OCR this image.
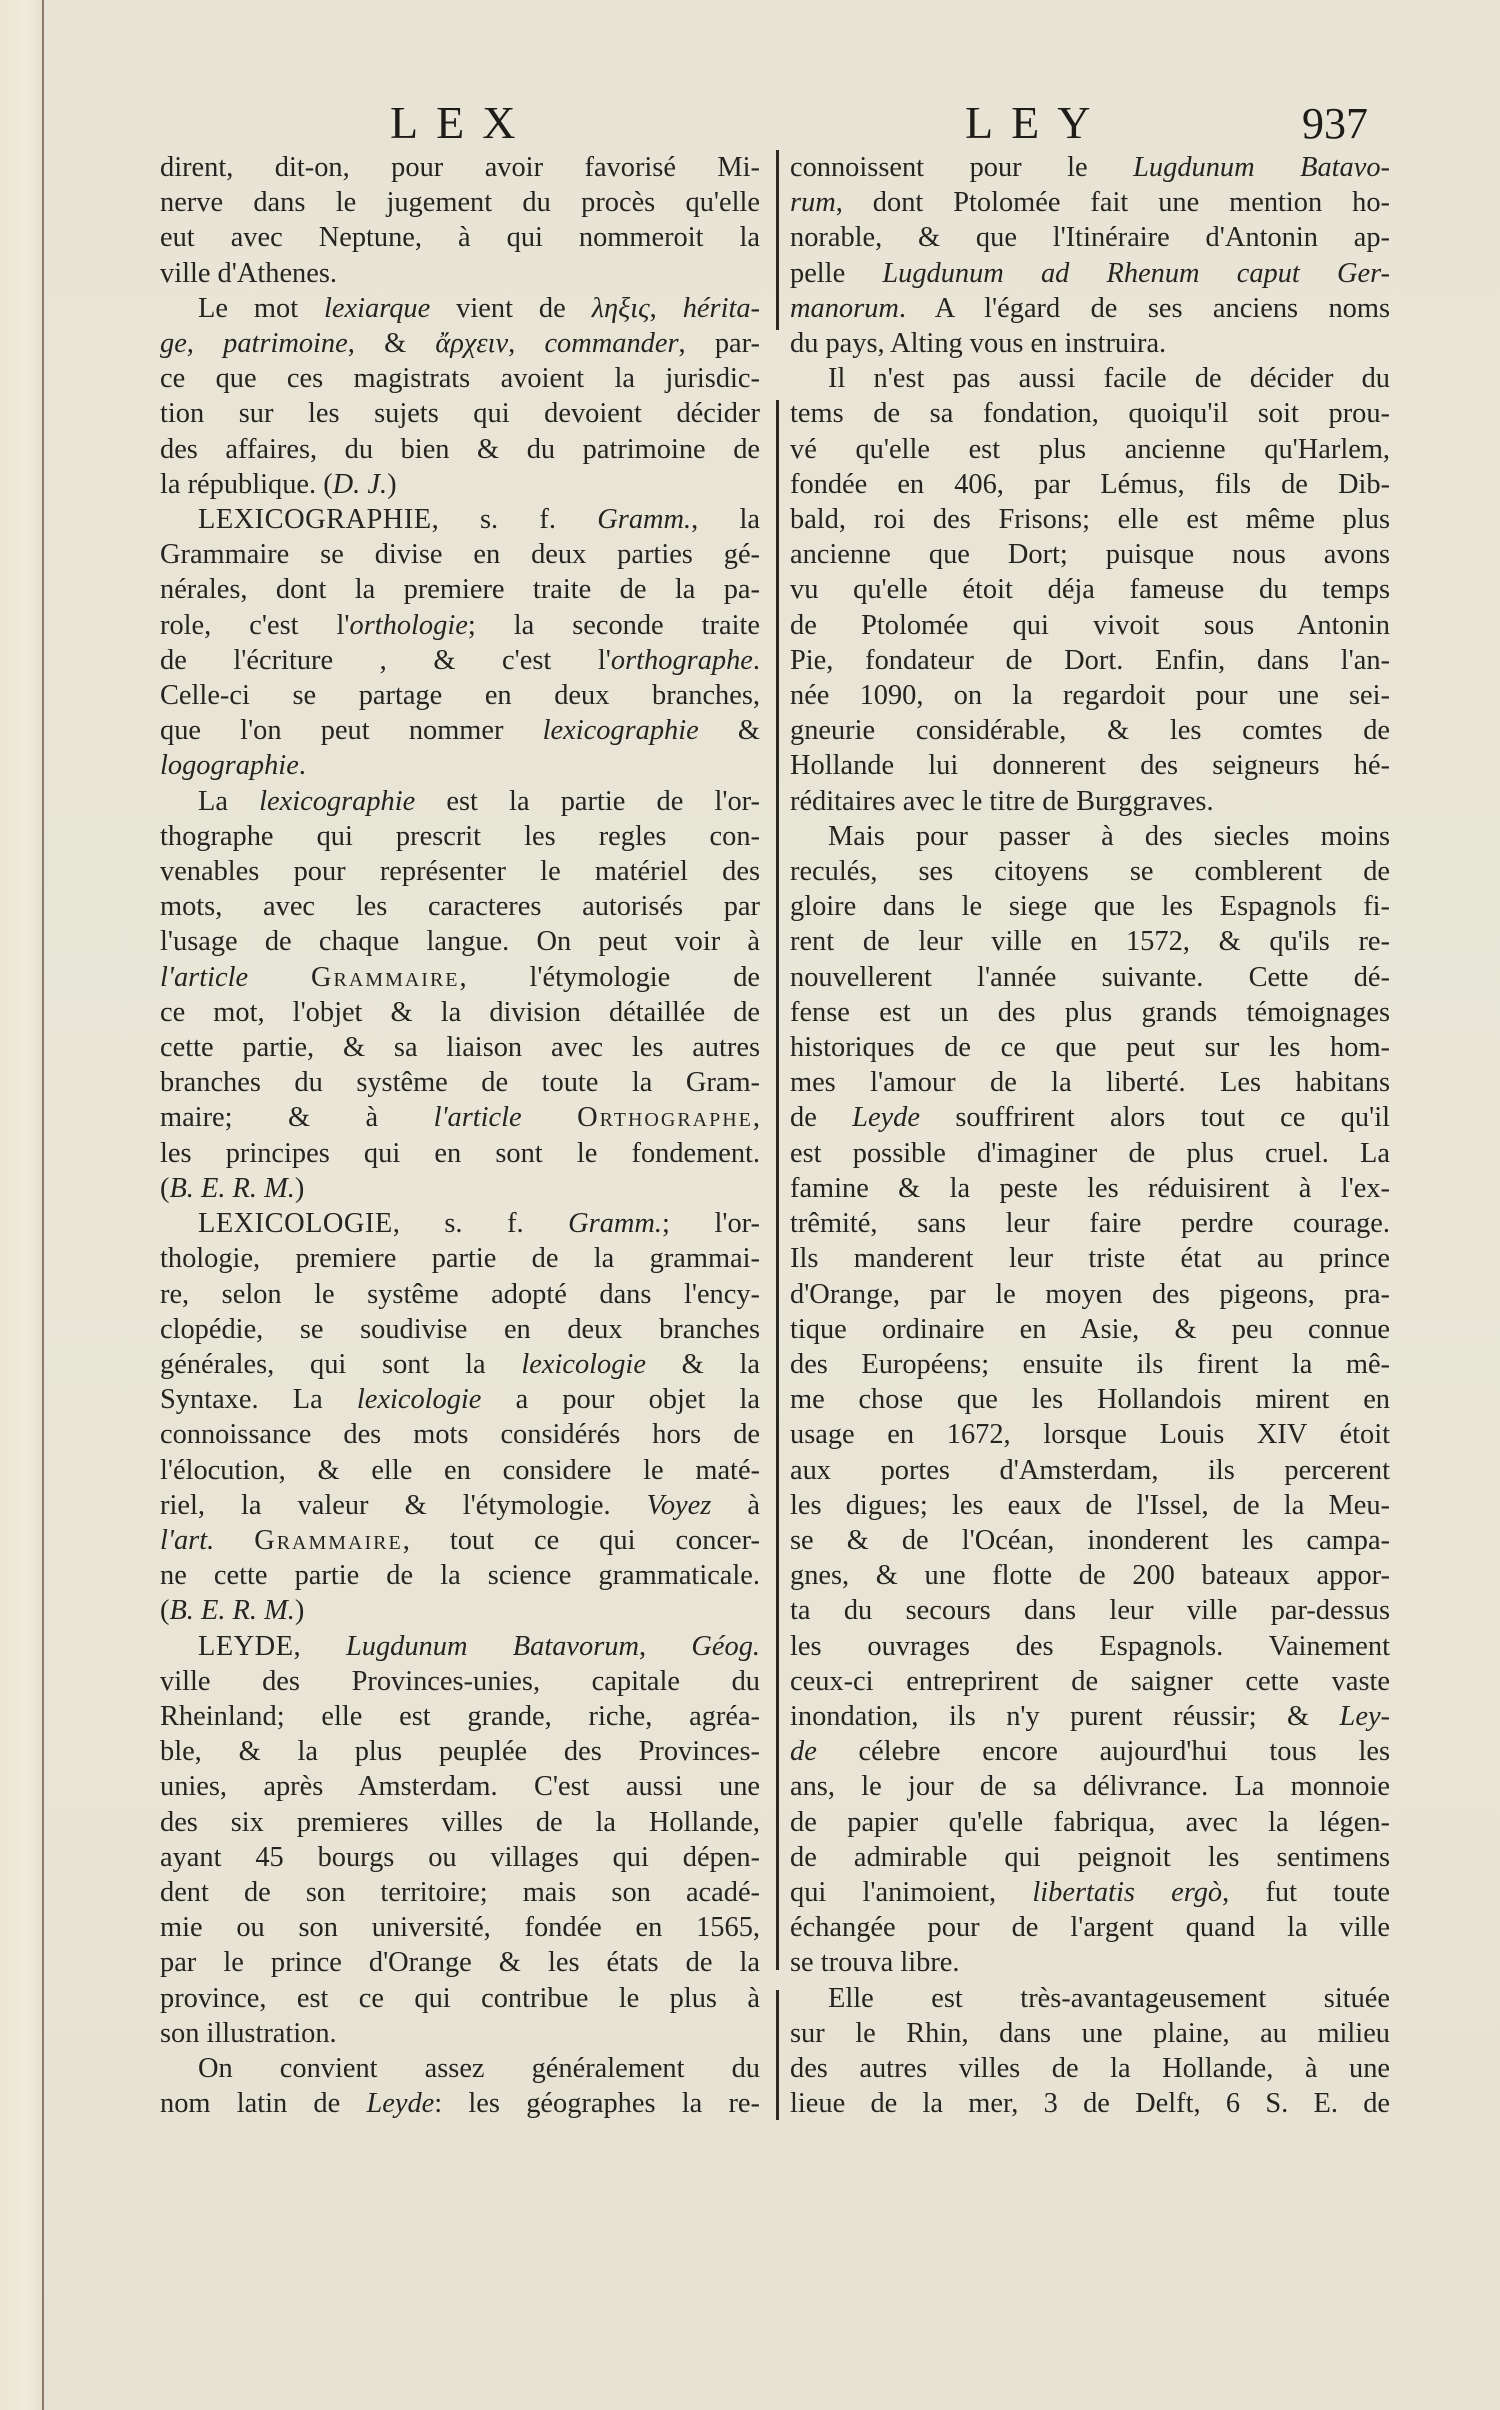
LEX	LEY	937
dirent, dit-on, pour avoir favorisé Mi-
nerve dans le jugement du procès qu'elle
eut avec Neptune, à qui nommeroit la
ville d'Athenes.
Le mot lexiarque vient de ληξις, hérita-
ge, patrimoine, & ἄρχειν, commander, par-
ce que ces magistrats avoient la jurisdic-
tion sur les sujets qui devoient décider
des affaires, du bien & du patrimoine de
la république. (D. J.)
LEXICOGRAPHIE, s. f. Gramm., la
Grammaire se divise en deux parties gé-
nérales, dont la premiere traite de la pa-
role, c'est l'orthologie; la seconde traite
de l'écriture , & c'est l'orthographe.
Celle-ci se partage en deux branches,
que l'on peut nommer lexicographie &
logographie.
La lexicographie est la partie de l'or-
thographe qui prescrit les regles con-
venables pour représenter le matériel des
mots, avec les caracteres autorisés par
l'usage de chaque langue. On peut voir à
l'article Grammaire, l'étymologie de
ce mot, l'objet & la division détaillée de
cette partie, & sa liaison avec les autres
branches du systême de toute la Gram-
maire; & à l'article Orthographe,
les principes qui en sont le fondement.
(B. E. R. M.)
LEXICOLOGIE, s. f. Gramm.; l'or-
thologie, premiere partie de la grammai-
re, selon le systême adopté dans l'ency-
clopédie, se soudivise en deux branches
générales, qui sont la lexicologie & la
Syntaxe. La lexicologie a pour objet la
connoissance des mots considérés hors de
l'élocution, & elle en considere le maté-
riel, la valeur & l'étymologie. Voyez à
l'art. Grammaire, tout ce qui concer-
ne cette partie de la science grammaticale.
(B. E. R. M.)
LEYDE, Lugdunum Batavorum, Géog.
ville des Provinces-unies, capitale du
Rheinland; elle est grande, riche, agréa-
ble, & la plus peuplée des Provinces-
unies, après Amsterdam. C'est aussi une
des six premieres villes de la Hollande,
ayant 45 bourgs ou villages qui dépen-
dent de son territoire; mais son acadé-
mie ou son université, fondée en 1565,
par le prince d'Orange & les états de la
province, est ce qui contribue le plus à
son illustration.
On convient assez généralement du
nom latin de Leyde: les géographes la re-
connoissent pour le Lugdunum Batavo-
rum, dont Ptolomée fait une mention ho-
norable, & que l'Itinéraire d'Antonin ap-
pelle Lugdunum ad Rhenum caput Ger-
manorum. A l'égard de ses anciens noms
du pays, Alting vous en instruira.
Il n'est pas aussi facile de décider du
tems de sa fondation, quoiqu'il soit prou-
vé qu'elle est plus ancienne qu'Harlem,
fondée en 406, par Lémus, fils de Dib-
bald, roi des Frisons; elle est même plus
ancienne que Dort; puisque nous avons
vu qu'elle étoit déja fameuse du temps
de Ptolomée qui vivoit sous Antonin
Pie, fondateur de Dort. Enfin, dans l'an-
née 1090, on la regardoit pour une sei-
gneurie considérable, & les comtes de
Hollande lui donnerent des seigneurs hé-
réditaires avec le titre de Burggraves.
Mais pour passer à des siecles moins
reculés, ses citoyens se comblerent de
gloire dans le siege que les Espagnols fi-
rent de leur ville en 1572, & qu'ils re-
nouvellerent l'année suivante. Cette dé-
fense est un des plus grands témoignages
historiques de ce que peut sur les hom-
mes l'amour de la liberté. Les habitans
de Leyde souffrirent alors tout ce qu'il
est possible d'imaginer de plus cruel. La
famine & la peste les réduisirent à l'ex-
trêmité, sans leur faire perdre courage.
Ils manderent leur triste état au prince
d'Orange, par le moyen des pigeons, pra-
tique ordinaire en Asie, & peu connue
des Européens; ensuite ils firent la mê-
me chose que les Hollandois mirent en
usage en 1672, lorsque Louis XIV étoit
aux portes d'Amsterdam, ils percerent
les digues; les eaux de l'Issel, de la Meu-
se & de l'Océan, inonderent les campa-
gnes, & une flotte de 200 bateaux appor-
ta du secours dans leur ville par-dessus
les ouvrages des Espagnols. Vainement
ceux-ci entreprirent de saigner cette vaste
inondation, ils n'y purent réussir; & Ley-
de célebre encore aujourd'hui tous les
ans, le jour de sa délivrance. La monnoie
de papier qu'elle fabriqua, avec la légen-
de admirable qui peignoit les sentimens
qui l'animoient, libertatis ergò, fut toute
échangée pour de l'argent quand la ville
se trouva libre.
Elle est très-avantageusement située
sur le Rhin, dans une plaine, au milieu
des autres villes de la Hollande, à une
lieue de la mer, 3 de Delft, 6 S. E. de
